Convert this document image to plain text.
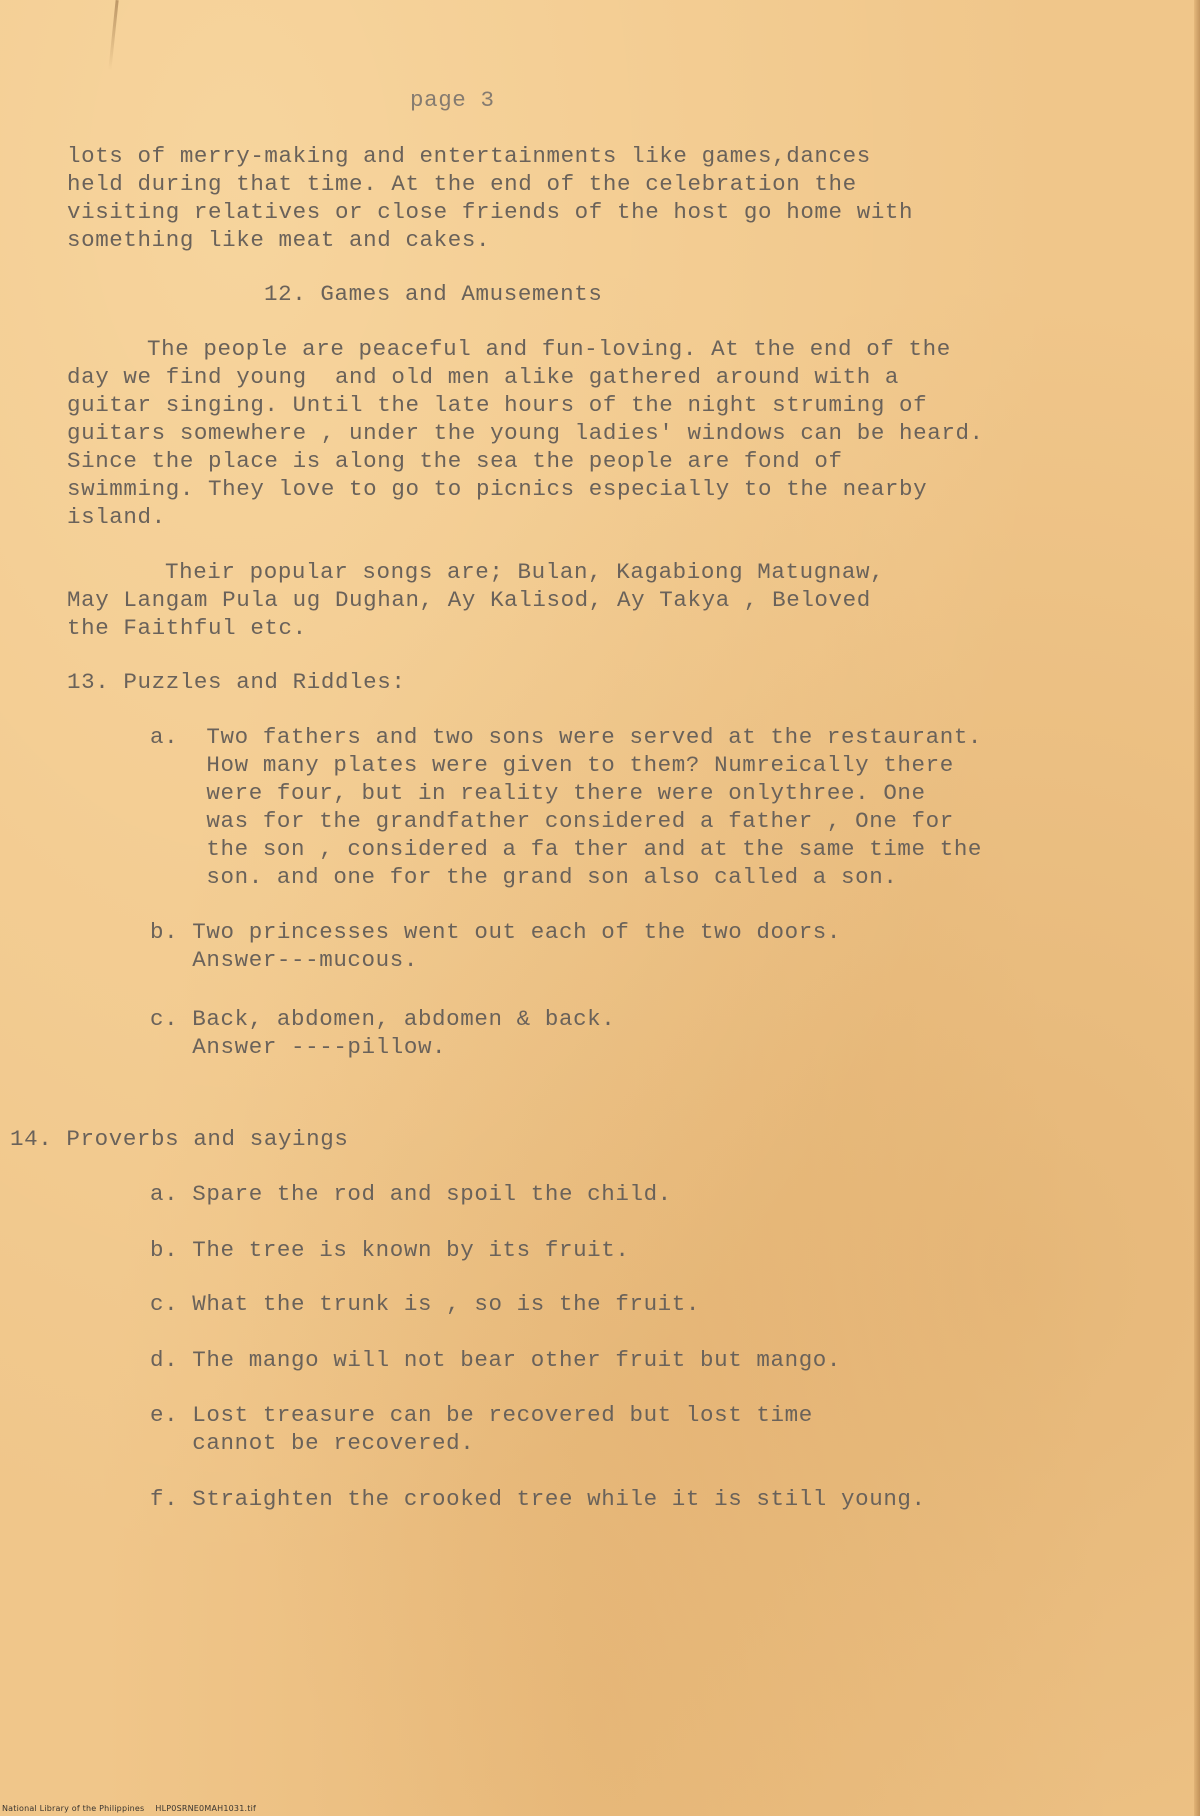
page 3
lots of merry-making and entertainments like games,dances
held during that time. At the end of the celebration the
visiting relatives or close friends of the host go home with
something like meat and cakes.
12. Games and Amusements
The people are peaceful and fun-loving. At the end of the
day we find young  and old men alike gathered around with a
guitar singing. Until the late hours of the night struming of
guitars somewhere , under the young ladies' windows can be heard.
Since the place is along the sea the people are fond of
swimming. They love to go to picnics especially to the nearby
island.
Their popular songs are; Bulan, Kagabiong Matugnaw,
May Langam Pula ug Dughan, Ay Kalisod, Ay Takya , Beloved
the Faithful etc.
13. Puzzles and Riddles:
a.  Two fathers and two sons were served at the restaurant.
How many plates were given to them? Numreically there
were four, but in reality there were onlythree. One
was for the grandfather considered a father , One for
the son , considered a fa ther and at the same time the
son. and one for the grand son also called a son.
b. Two princesses went out each of the two doors.
Answer---mucous.
c. Back, abdomen, abdomen & back.
Answer ----pillow.
14. Proverbs and sayings
a. Spare the rod and spoil the child.
b. The tree is known by its fruit.
c. What the trunk is , so is the fruit.
d. The mango will not bear other fruit but mango.
e. Lost treasure can be recovered but lost time
cannot be recovered.
f. Straighten the crooked tree while it is still young.
National Library of the Philippines    HLP0SRNE0MAH1031.tif
